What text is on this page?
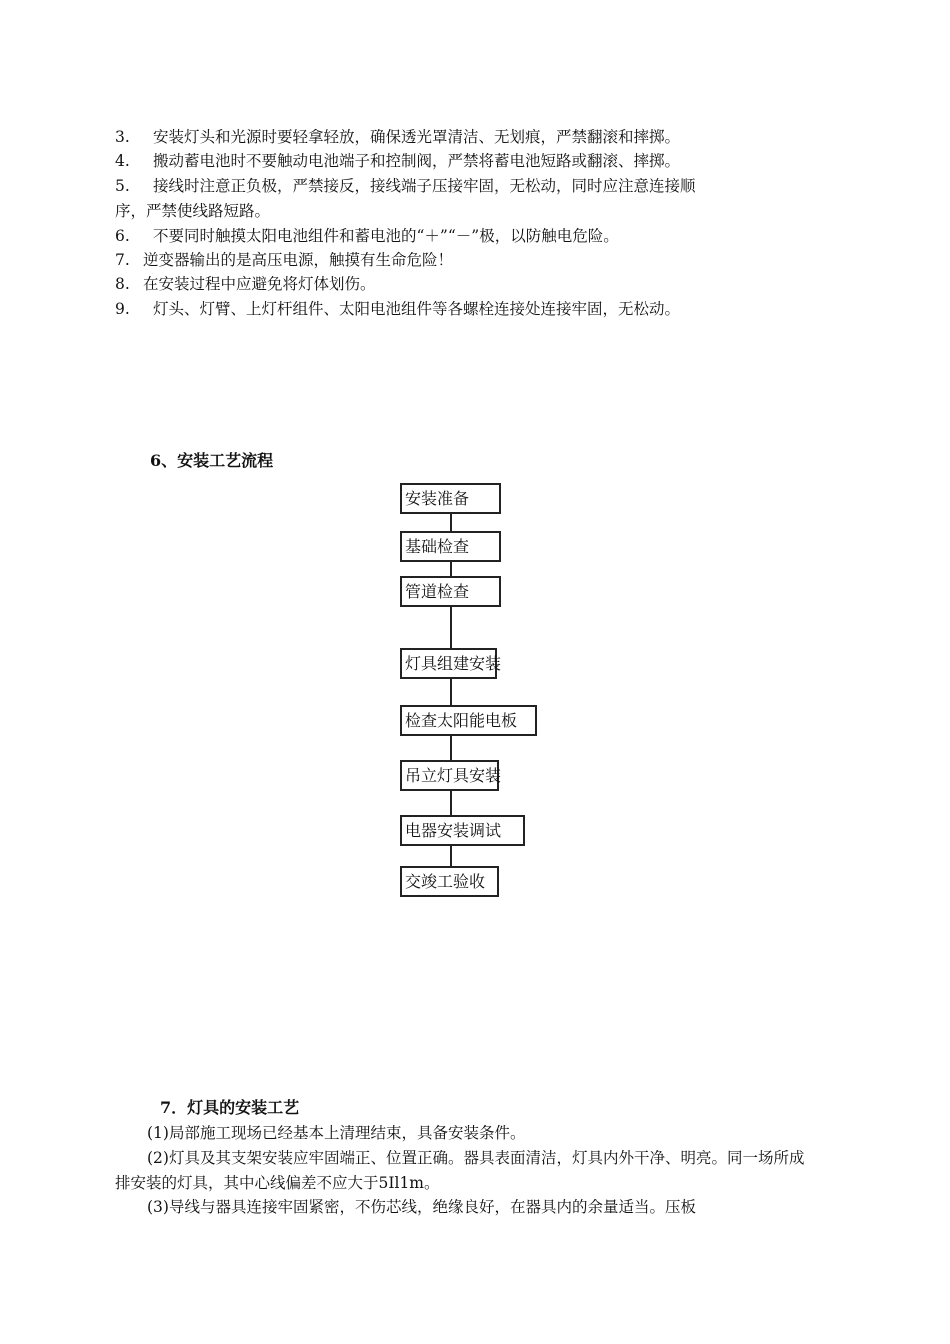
3. 安装灯头和光源时要轻拿轻放，确保透光罩清洁、无划痕，严禁翻滚和摔掷。
4. 搬动蓄电池时不要触动电池端子和控制阀，严禁将蓄电池短路或翻滚、摔掷。
5. 接线时注意正负极，严禁接反，接线端子压接牢固，无松动，同时应注意连接顺
序，严禁使线路短路。
6. 不要同时触摸太阳电池组件和蓄电池的“＋”“－”极，以防触电危险。
7. 逆变器输出的是高压电源，触摸有生命危险！
8. 在安装过程中应避免将灯体划伤。
9. 灯头、灯臂、上灯杆组件、太阳电池组件等各螺栓连接处连接牢固，无松动。
6、安装工艺流程
安装准备
基础检查
管道检查
灯具组建安装
检查太阳能电板
吊立灯具安装
电器安装调试
交竣工验收
7．灯具的安装工艺
(1)局部施工现场已经基本上清理结束，具备安装条件。
(2)灯具及其支架安装应牢固端正、位置正确。器具表面清洁，灯具内外干净、明亮。同一场所成排安装的灯具，其中心线偏差不应大于5Il1m。
(3)导线与器具连接牢固紧密，不伤芯线，绝缘良好，在器具内的余量适当。压板
